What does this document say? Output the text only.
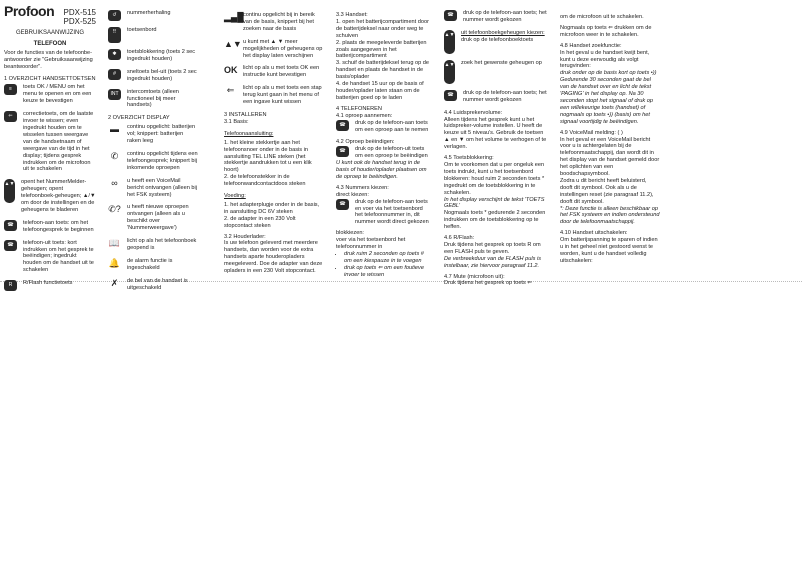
Profoon PDX-515
PDX-525
GEBRUIKSAANWIJZING
TELEFOON

Voor de functies van de telefoonbe-antwoorder zie "Gebruiksaanwijzing beantwoorder".

1 OVERZICHT HANDSETTOETSEN
≡	toets OK / MENU om het menu te openen en om een keuze te bevestigen
⇐	correctietoets, om de laatste invoer te wissen; even ingedrukt houden om te wisselen tussen weergave van de handsetnaam of weergave van de tijd in het display; tijdens gesprek indrukken om de microfoon uit te schakelen
▲▼ opent het NummerMelder-geheugen; opent telefoonboek-geheugen; ▲/▼ om door de instellingen en de geheugens te bladeren
☎	telefoon-aan toets: om het telefoongesprek te beginnen
☎	telefoon-uit toets: kort indrukken om het gesprek te beëindigen; ingedrukt houden om de handset uit te schakelen
R	R/Flash functietoets
↺	nummerherhaling
⠿	toetsenbord
✱	toetsblokkering (toets 2 sec ingedrukt houden)
#	sneltoets bel-uit (toets 2 sec ingedrukt houden)
INT	intercomtoets (alleen functioneel bij meer handsets)
2 OVERZICHT DISPLAY
▬	continu opgelicht: batterijen vol; knippert: batterijen raken leeg
✆	continu opgelicht tijdens een telefoongesprek; knippert bij inkomende oproepen
∞	u heeft een VoiceMail bericht ontvangen (alleen bij het FSK systeem)
✆? u heeft nieuwe oproepen ontvangen (alleen als u beschikt over 'Nummerweergave')
📖 licht op als het telefoonboek geopend is
🔔 de alarm functie is ingeschakeld
✗	de bel van de handset is uitgeschakeld
▂▄█ continu opgelicht bij in bereik van de basis, knippert bij het zoeken naar de basis
▲▼ u kunt met ▲ ▼ meer mogelijkheden of geheugens op het display laten verschijnen
OK licht op als u met toets OK een instructie kunt bevestigen
⇐	licht op als u met toets een stap terug kunt gaan in het menu of een ingave kunt wissen
3 INSTALLEREN
3.1 Basis:
Telefoonaansluiting:
1. het kleine stekkertje aan het telefoonsnoer onder in de basis in aansluiting TEL LINE steken (het stekkertje aandrukken tot u een klik hoort)
2. de telefoonstekker in de telefoonwandcontactdoos steken
Voeding:
1. het adapterplugje onder in de basis, in aansluiting DC 6V steken
2. de adapter in een 230 Volt stopcontact steken
3.2 Houderlader:
Is uw telefoon geleverd met meerdere handsets, dan worden voor de extra handsets aparte houderopladers meegeleverd. Doe de adapter van deze opladers in een 230 Volt stopcontact.
3.3 Handset:
1. open het batterijcompartiment door de batterijdeksel naar onder weg te schuiven
2. plaats de meegeleverde batterijen zoals aangegeven in het batterijcompartiment
3. schuif de batterijdeksel terug op de handset en plaats de handset in de basis/oplader
4. de handset 15 uur op de basis of houder/oplader laten staan om de batterijen goed op te laden
4 TELEFONEREN
4.1 oproep aannemen:
☎	druk op de telefoon-aan toets om een oproep aan te nemen
4.2 Oproep beëindigen:
☎	druk op de telefoon-uit toets om een oproep te beëindigen
U kunt ook de handset terug in de basis of houder/oplader plaatsen om de oproep te beëindigen.
4.3 Nummers kiezen:
direct kiezen:
☎	druk op de telefoon-aan toets en voer via het toetsenbord het telefoonnummer in, dit nummer wordt direct gekozen
blokkiezen:
voer via het toetsenbord het telefoonnummer in
• druk ruim 2 seconden op toets # om een kiespauze in te voegen
• druk op toets ⇐ om een foutieve invoer te wissen
☎	druk op de telefoon-aan toets; het nummer wordt gekozen
▲▼ uit telefoonboekgeheugen kiezen:
druk op de telefoonboektoets
▲▼ zoek het gewenste geheugen op
☎	druk op de telefoon-aan toets; het nummer wordt gekozen
4.4 Luidsprekervolume:
Alleen tijdens het gesprek kunt u het luidspreker-volume instellen. U heeft de keuze uit 5 niveau's. Gebruik de toetsen ▲ en ▼ om het volume te verhogen of te verlagen.
4.5 Toetsblokkering:
Om te voorkomen dat u per ongeluk een toets indrukt, kunt u het toetsenbord blokkeren: houd ruim 2 seconden toets * ingedrukt om de toetsblokkering in te schakelen.
In het display verschijnt de tekst 'TOETS GEBL'
Nogmaals toets * gedurende 2 seconden indrukken om de toetsblokkering op te heffen.
4.6 R/Flash:
Druk tijdens het gesprek op toets R om een FLASH puls te geven.
De verbreekduur van de FLASH puls is instelbaar, zie hiervoor paragraaf 11.2.
4.7 Mute (microfoon uit):
Druk tijdens het gesprek op toets ⇐
om de microfoon uit te schakelen.
Nogmaals op toets ⇐ drukken om de microfoon weer in te schakelen.
4.8 Handset zoekfunctie:
In het geval u de handset kwijt bent, kunt u deze eenvoudig als volgt terugvinden:
druk onder op de basis kort op toets •)) Gedurende 30 seconden gaat de bel van de handset over en licht de tekst 'PAGING' in het display op. Na 30 seconden stopt het signaal of druk op een willekeurige toets (handset) of nogmaals op toets •)) (basis) om het signaal voortijdig te beëindigen.
4.9 VoiceMail melding: ( )
In het geval er een VoiceMail bericht voor u is achtergelaten bij de telefoonmaatschappij, dan wordt dit in het display van de handset gemeld door het oplichten van een boodschapsymbool.
Zodra u dit bericht heeft beluisterd, dooft dit symbool. Ook als u de instellingen reset (zie paragraaf 11.2), dooft dit symbool.
*: Deze functie is alleen beschikbaar op het FSK systeem en indien ondersteund door de telefoonmaatschappij.
4.10 Handset uitschakelen:
Om batterijspanning te sparen of indien u in het geheel niet gestoord wenst te worden, kunt u de handset volledig uitschakelen:
